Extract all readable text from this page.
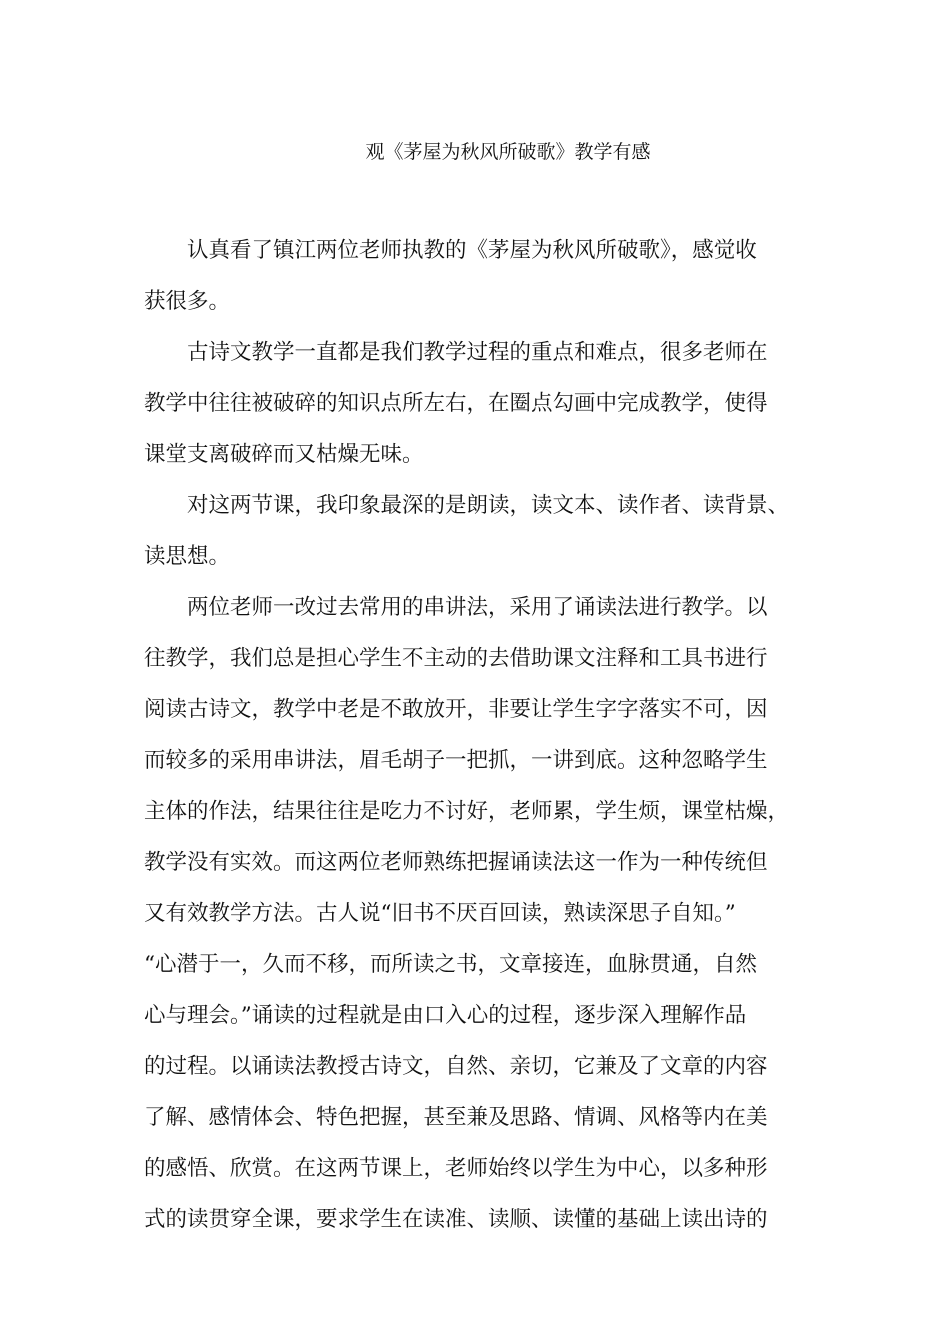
观《茅屋为秋风所破歌》教学有感
认真看了镇江两位老师执教的《茅屋为秋风所破歌》，感觉收
获很多。
古诗文教学一直都是我们教学过程的重点和难点，很多老师在
教学中往往被破碎的知识点所左右，在圈点勾画中完成教学，使得
课堂支离破碎而又枯燥无味。
对这两节课，我印象最深的是朗读，读文本、读作者、读背景、
读思想。
两位老师一改过去常用的串讲法，采用了诵读法进行教学。以
往教学，我们总是担心学生不主动的去借助课文注释和工具书进行
阅读古诗文，教学中老是不敢放开，非要让学生字字落实不可，因
而较多的采用串讲法，眉毛胡子一把抓，一讲到底。这种忽略学生
主体的作法，结果往往是吃力不讨好，老师累，学生烦，课堂枯燥，
教学没有实效。而这两位老师熟练把握诵读法这一作为一种传统但
又有效教学方法。古人说“旧书不厌百回读，熟读深思子自知。”
“心潜于一，久而不移，而所读之书，文章接连，血脉贯通，自然
心与理会。”诵读的过程就是由口入心的过程，逐步深入理解作品
的过程。以诵读法教授古诗文，自然、亲切，它兼及了文章的内容
了解、感情体会、特色把握，甚至兼及思路、情调、风格等内在美
的感悟、欣赏。在这两节课上，老师始终以学生为中心，以多种形
式的读贯穿全课，要求学生在读准、读顺、读懂的基础上读出诗的
